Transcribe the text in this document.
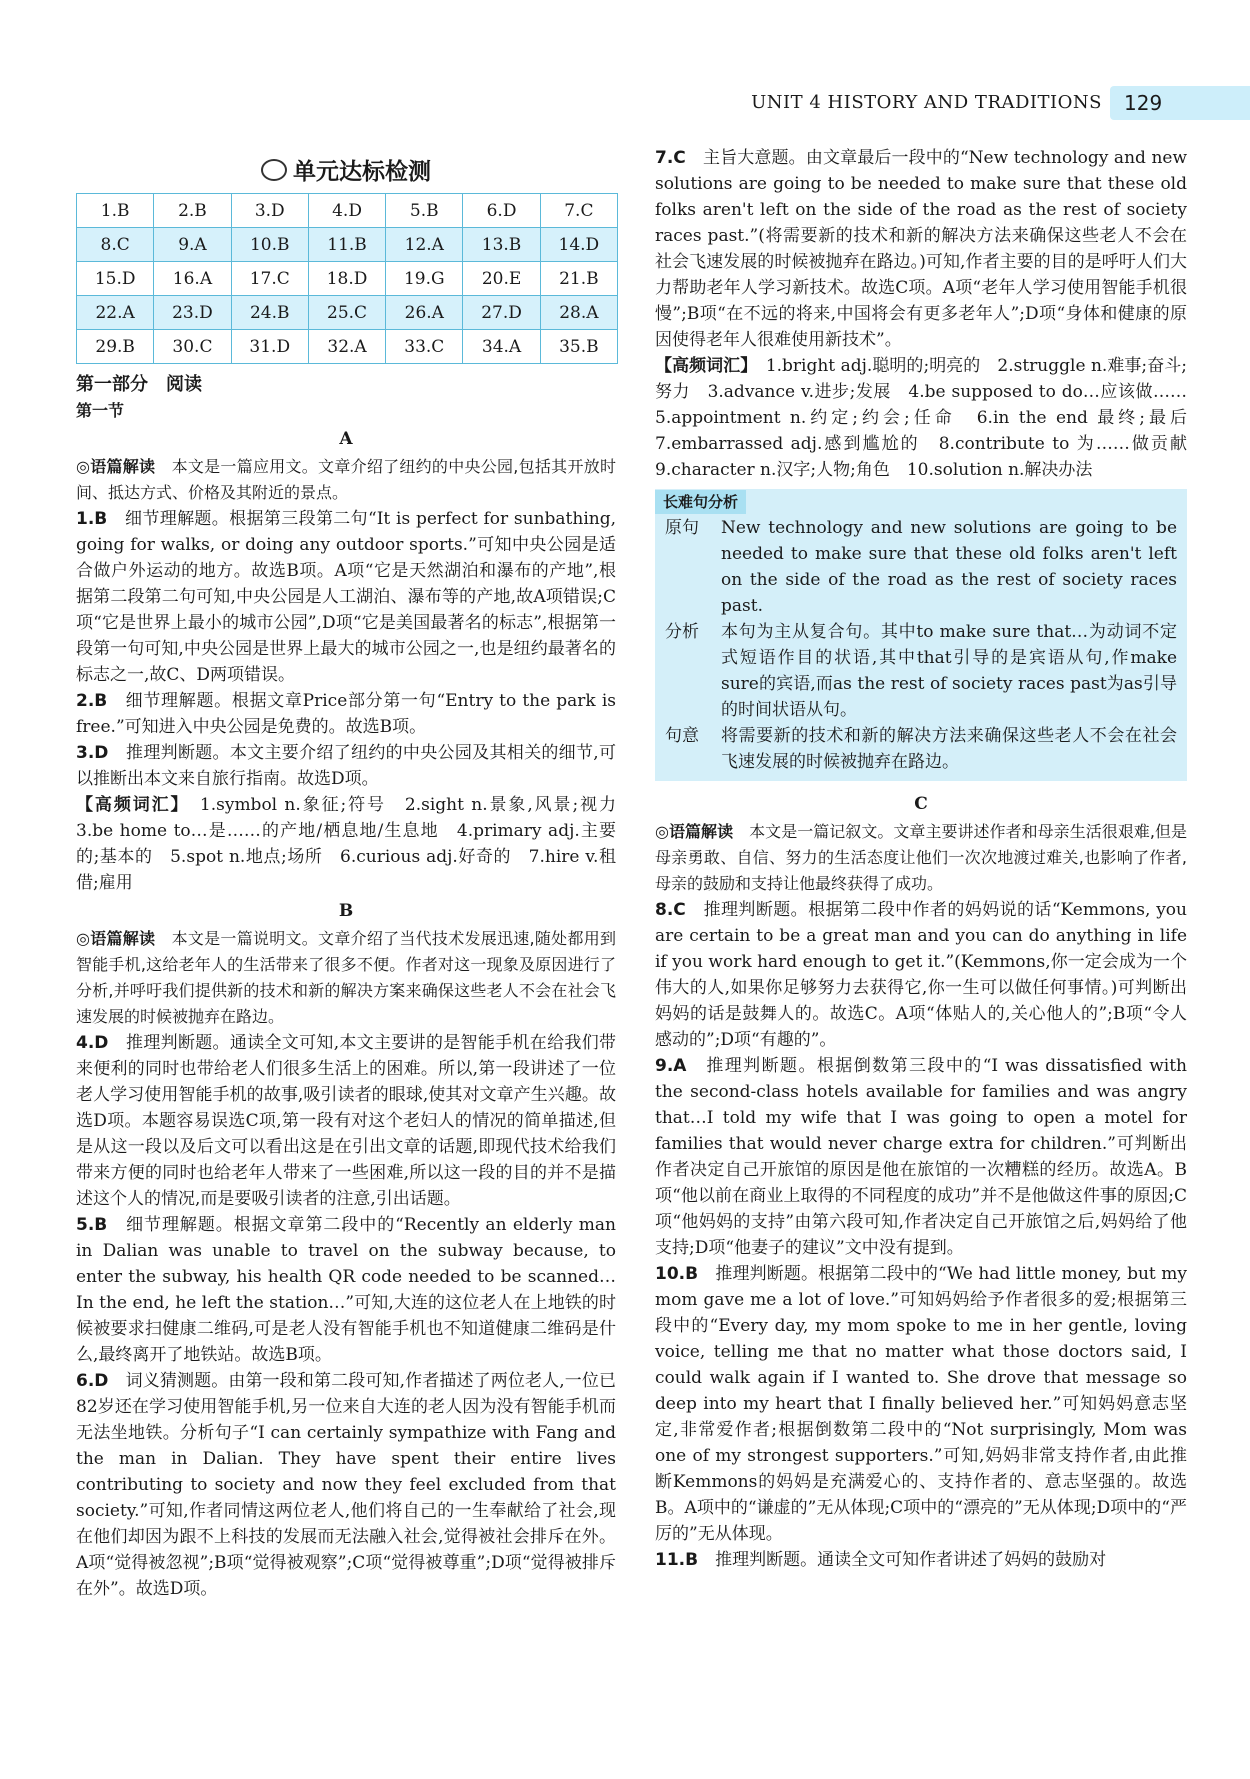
UNIT 4 HISTORY AND TRADITIONS	129
单元达标检测
1.B	2.B	3.D	4.D	5.B	6.D	7.C
8.C	9.A	10.B	11.B	12.A	13.B	14.D
15.D	16.A	17.C	18.D	19.G	20.E	21.B
22.A	23.D	24.B	25.C	26.A	27.D	28.A
29.B	30.C	31.D	32.A	33.C	34.A	35.B
第一部分　阅读
第一节
A

◎语篇解读　 本文是一篇应用文。文章介绍了纽约的中央公园,包括其开放时间、抵达方式、价格及其附近的景点。

1.B　 细节理解题。根据第三段第二句“It is perfect for sunbathing, going for walks, or doing any outdoor sports.”可知中央公园是适合做户外运动的地方。故选B项。A项“它是天然湖泊和瀑布的产地”,根据第二段第二句可知,中央公园是人工湖泊、瀑布等的产地,故A项错误;C项“它是世界上最小的城市公园”,D项“它是美国最著名的标志”,根据第一段第一句可知,中央公园是世界上最大的城市公园之一,也是纽约最著名的标志之一,故C、D两项错误。

2.B　 细节理解题。根据文章Price部分第一句“Entry to the park is free.”可知进入中央公园是免费的。故选B项。

3.D　 推理判断题。本文主要介绍了纽约的中央公园及其相关的细节,可以推断出本文来自旅行指南。故选D项。

【高频词汇】　 1.symbol n.象征;符号　2.sight n.景象,风景;视力　3.be home to…是……的产地/栖息地/生息地　4.primary adj.主要的;基本的　5.spot n.地点;场所　6.curious adj.好奇的　7.hire v.租借;雇用

B

◎语篇解读　 本文是一篇说明文。文章介绍了当代技术发展迅速,随处都用到智能手机,这给老年人的生活带来了很多不便。作者对这一现象及原因进行了分析,并呼吁我们提供新的技术和新的解决方案来确保这些老人不会在社会飞速发展的时候被抛弃在路边。

4.D　 推理判断题。通读全文可知,本文主要讲的是智能手机在给我们带来便利的同时也带给老人们很多生活上的困难。所以,第一段讲述了一位老人学习使用智能手机的故事,吸引读者的眼球,使其对文章产生兴趣。故选D项。本题容易误选C项,第一段有对这个老妇人的情况的简单描述,但是从这一段以及后文可以看出这是在引出文章的话题,即现代技术给我们带来方便的同时也给老年人带来了一些困难,所以这一段的目的并不是描述这个人的情况,而是要吸引读者的注意,引出话题。

5.B　 细节理解题。根据文章第二段中的“Recently an elderly man in Dalian was unable to travel on the subway because, to enter the subway, his health QR code needed to be scanned…In the end, he left the station…”可知,大连的这位老人在上地铁的时候被要求扫健康二维码,可是老人没有智能手机也不知道健康二维码是什么,最终离开了地铁站。故选B项。

6.D　 词义猜测题。由第一段和第二段可知,作者描述了两位老人,一位已82岁还在学习使用智能手机,另一位来自大连的老人因为没有智能手机而无法坐地铁。分析句子“I can certainly sympathize with Fang and the man in Dalian. They have spent their entire lives contributing to society and now they feel excluded from that society.”可知,作者同情这两位老人,他们将自己的一生奉献给了社会,现在他们却因为跟不上科技的发展而无法融入社会,觉得被社会排斥在外。A项“觉得被忽视”;B项“觉得被观察”;C项“觉得被尊重”;D项“觉得被排斥在外”。故选D项。

7.C　 主旨大意题。由文章最后一段中的“New technology and new solutions are going to be needed to make sure that these old folks aren't left on the side of the road as the rest of society races past.”(将需要新的技术和新的解决方法来确保这些老人不会在社会飞速发展的时候被抛弃在路边。)可知,作者主要的目的是呼吁人们大力帮助老年人学习新技术。故选C项。A项“老年人学习使用智能手机很慢”;B项“在不远的将来,中国将会有更多老年人”;D项“身体和健康的原因使得老年人很难使用新技术”。

【高频词汇】　 1.bright adj.聪明的;明亮的　2.struggle n.难事;奋斗;努力　3.advance v.进步;发展　4.be supposed to do…应该做……　5.appointment n.约定;约会;任命　6.in the end 最终;最后　7.embarrassed adj.感到尴尬的　8.contribute to 为……做贡献　9.character n.汉字;人物;角色　10.solution n.解决办法

长难句分析
原句	New technology and new solutions are going to be needed to make sure that these old folks aren't left on the side of the road as the rest of society races past.
分析	本句为主从复合句。其中to make sure that…为动词不定式短语作目的状语,其中that引导的是宾语从句,作make sure的宾语,而as the rest of society races past为as引导的时间状语从句。
句意	将需要新的技术和新的解决方法来确保这些老人不会在社会飞速发展的时候被抛弃在路边。
C

◎语篇解读　 本文是一篇记叙文。文章主要讲述作者和母亲生活很艰难,但是母亲勇敢、自信、努力的生活态度让他们一次次地渡过难关,也影响了作者,母亲的鼓励和支持让他最终获得了成功。

8.C　 推理判断题。根据第二段中作者的妈妈说的话“Kemmons, you are certain to be a great man and you can do anything in life if you work hard enough to get it.”(Kemmons,你一定会成为一个伟大的人,如果你足够努力去获得它,你一生可以做任何事情。)可判断出妈妈的话是鼓舞人的。故选C。A项“体贴人的,关心他人的”;B项“令人感动的”;D项“有趣的”。

9.A　 推理判断题。根据倒数第三段中的“I was dissatisfied with the second-class hotels available for families and was angry that…I told my wife that I was going to open a motel for families that would never charge extra for children.”可判断出作者决定自己开旅馆的原因是他在旅馆的一次糟糕的经历。故选A。B项“他以前在商业上取得的不同程度的成功”并不是他做这件事的原因;C项“他妈妈的支持”由第六段可知,作者决定自己开旅馆之后,妈妈给了他支持;D项“他妻子的建议”文中没有提到。

10.B　 推理判断题。根据第二段中的“We had little money, but my mom gave me a lot of love.”可知妈妈给予作者很多的爱;根据第三段中的“Every day, my mom spoke to me in her gentle, loving voice, telling me that no matter what those doctors said, I could walk again if I wanted to. She drove that message so deep into my heart that I finally believed her.”可知妈妈意志坚定,非常爱作者;根据倒数第二段中的“Not surprisingly, Mom was one of my strongest supporters.”可知,妈妈非常支持作者,由此推断Kemmons的妈妈是充满爱心的、支持作者的、意志坚强的。故选B。A项中的“谦虚的”无从体现;C项中的“漂亮的”无从体现;D项中的“严厉的”无从体现。

11.B　 推理判断题。通读全文可知作者讲述了妈妈的鼓励对
